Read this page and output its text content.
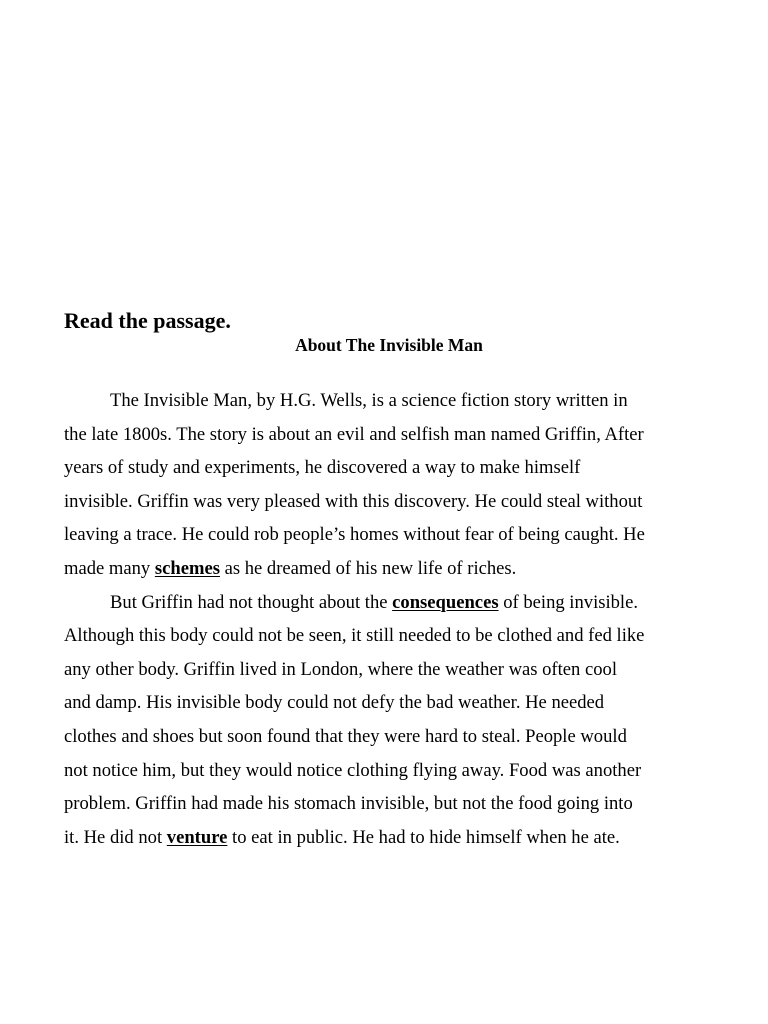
Read the passage.
About The Invisible Man
The Invisible Man, by H.G. Wells, is a science fiction story written in
the late 1800s. The story is about an evil and selfish man named Griffin, After
years of study and experiments, he discovered a way to make himself
invisible. Griffin was very pleased with this discovery. He could steal without
leaving a trace. He could rob people’s homes without fear of being caught. He
made many schemes as he dreamed of his new life of riches.
But Griffin had not thought about the consequences of being invisible.
Although this body could not be seen, it still needed to be clothed and fed like
any other body. Griffin lived in London, where the weather was often cool
and damp. His invisible body could not defy the bad weather. He needed
clothes and shoes but soon found that they were hard to steal. People would
not notice him, but they would notice clothing flying away. Food was another
problem. Griffin had made his stomach invisible, but not the food going into
it. He did not venture to eat in public. He had to hide himself when he ate.
